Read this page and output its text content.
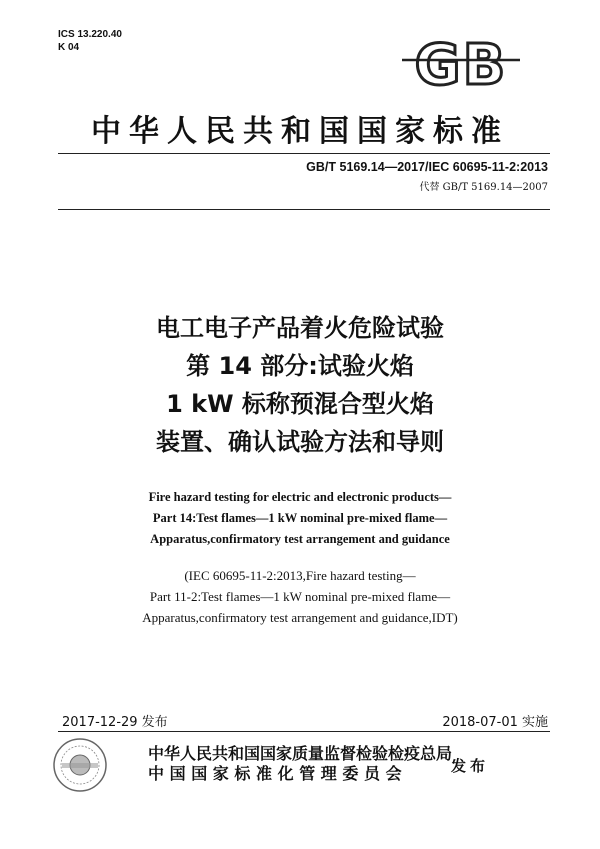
ICS 13.220.40
K 04	GB
中华人民共和国国家标准
GB/T 5169.14—2017/IEC 60695-11-2:2013
代替 GB/T 5169.14—2007
电工电子产品着火危险试验
第 14 部分:试验火焰
1 kW 标称预混合型火焰
装置、确认试验方法和导则
Fire hazard testing for electric and electronic products—
Part 14:Test flames—1 kW nominal pre-mixed flame—
Apparatus,confirmatory test arrangement and guidance
(IEC 60695-11-2:2013,Fire hazard testing—
Part 11-2:Test flames—1 kW nominal pre-mixed flame—
Apparatus,confirmatory test arrangement and guidance,IDT)
2017-12-29 发布	2018-07-01 实施
中华人民共和国国家质量监督检验检疫总局
中国国家标准化管理委员会	发布
